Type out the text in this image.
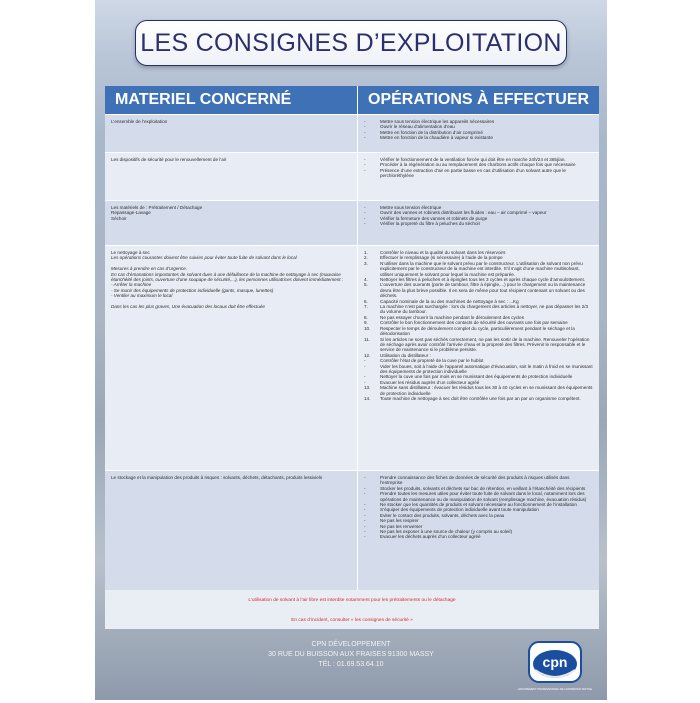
LES CONSIGNES D’EXPLOITATION
MATERIEL CONCERNÉ	OPÉRATIONS À EFFECTUER
L’ensemble de l’exploitation	-	Mettre sous tension électrique les appareils nécessaires
-	Ouvrir le réseau d’alimentation d’eau
-	Mettre en fonction de la distribution d’air comprimé
-	Mettre en fonction de la chaudière à vapeur si existante
Les dispositifs de sécurité pour le renouvellement de l’air	-	Vérifier le fonctionnement de la ventilation forcée qui doit être en marche 24h/24 et 365j/an.
-	Procéder à la régénération ou au remplacement des charbons actifs chaque fois que nécessaire
-	Présence d’une extraction d’air en partie basse en cas d’utilisation d’un solvant autre que le perchloréthylène
Les matériels de : Prétraitement / Détachage
Repassage-Lavage
Séchoir
-	Mettre sous tension électrique
-	Ouvrir des vannes et robinets distribuant les fluides : eau – air comprimé – vapeur
-	Vérifier la fermeture des vannes et robinets de purge
-	Vérifier la propreté du filtre à peluches du séchoir
Le nettoyage à sec
Les opérations courantes doivent être suivies pour éviter toute fuite de solvant dans le local

Mesures à prendre en cas d’urgence.
En cas d’émanations importantes de solvant dues à une défaillance de la machine de nettoyage à sec (mauvaise étanchéité des joints, ouverture d’une soupape de sécurité,...), les personnes utilisatrices doivent immédiatement :
- Arrêter la machine
- Se munir des équipements de protection individuelle (gants, masque, lunettes)
- Ventiler au maximum le local

Dans les cas les plus graves, Une évacuation des locaux doit être effectuée
1.	Contrôler le niveau et la qualité du solvant dans les réservoirs
2.	Effectuer le remplissage (si nécessaire) à l’aide de la pompe
3.	N’utiliser dans la machine que le solvant prévu par le constructeur. L’utilisation de solvant non prévu explicitement par le constructeur de la machine est interdite. S’il s’agit d’une machine multisolvant, utiliser uniquement le solvant pour lequel la machine est préparée.
4.	Nettoyer les filtres à peluches et à épingles tous les 3 cycles et après chaque cycle d’amoulottement.
5.	L’ouverture des ouvrants (porte de tambour, filtre à épingle,...) pour le chargement ou la maintenance devra être la plus brève possible. Il en sera de même pour tout récipient contenant un solvant ou des déchets.
6.	Capacité nominale de la ou des machines de nettoyage à sec : ...Kg
7.	La machine n’est pas surchargée : lors du chargement des articles à nettoyer, ne pas dépasser les 2/3 du volume du tambour.
8.	Ne pas essayer d’ouvrir la machine pendant le déroulement des cycles
9.	Contrôler le bon fonctionnement des contacts de sécurité des ouvrants une fois par semaine
10.	Respecter le temps de déroulement complet du cycle, particulièrement pendant le séchage et la désodorisation
11.	Si les articles ne sont pas séchés correctement, ne pas les sortir de la machine. Renouveler l’opération de séchage après avoir contrôlé l’arrivée d’eau et la propreté des filtres. Prévenir le responsable et le service de maintenance si le problème persiste.
12.	Utilisation du distillateur :
-	Contrôler l’état de propreté de la cuve par le hublot
-	Vider les boues, soit à l’aide de l’appareil automatique d’évacuation, soit le matin à froid en se munissant des équipements de protection individuelle
-	Nettoyer la cuve une fois par mois en se munissant des équipements de protection individuelle
-	Evacuer les résidus auprès d’un collecteur agréé
13.	Machine sans distillateur : évacuer les résidus tous les 30 à 40 cycles en se munissant des équipements de protection individuelle
14.	Toute machine de nettoyage à sec doit être contrôlée une fois par an par un organisme compétent.
Le stockage et la manipulation des produits à risques : solvants, déchets, détachants, produits lessiviels	-	Prendre connaissance des fiches de données de sécurité des produits à risques utilisés dans l’entreprise
-	Stocker les produits, solvants et déchets sur bac de rétention, en veillant à l’étanchéité des récipients
-	Prendre toutes les mesures utiles pour éviter toute fuite de solvant dans le local, notamment lors des opérations de maintenance ou de manipulation de solvant (remplissage machine, évacuation résidus)
-	Ne stocker que les quantités de produits et solvant nécessaire au fonctionnement de l’installation
-	S’équiper des équipements de protection individuelle avant toute manipulation
-	Eviter le contact des produits, solvants, déchets avec la peau
-	Ne pas les respirer
-	Ne pas les renverser
-	Ne pas les exposer à une source de chaleur (y compris au soleil)
-	Evacuer les déchets auprès d’un collecteur agréé
L’utilisation de solvant à l’air libre est interdite notamment pour les prétraitements ou le détachage
En cas d’incident, consulter « les consignes de sécurité »
CPN DÉVELOPPEMENT
30 RUE DU BUISSON AUX FRAISES 91300 MASSY
TÉL : 01.69.53.64.10	cpn
GROUPEMENT PROFESSIONNEL DE L’ENTRETIEN TEXTILE
